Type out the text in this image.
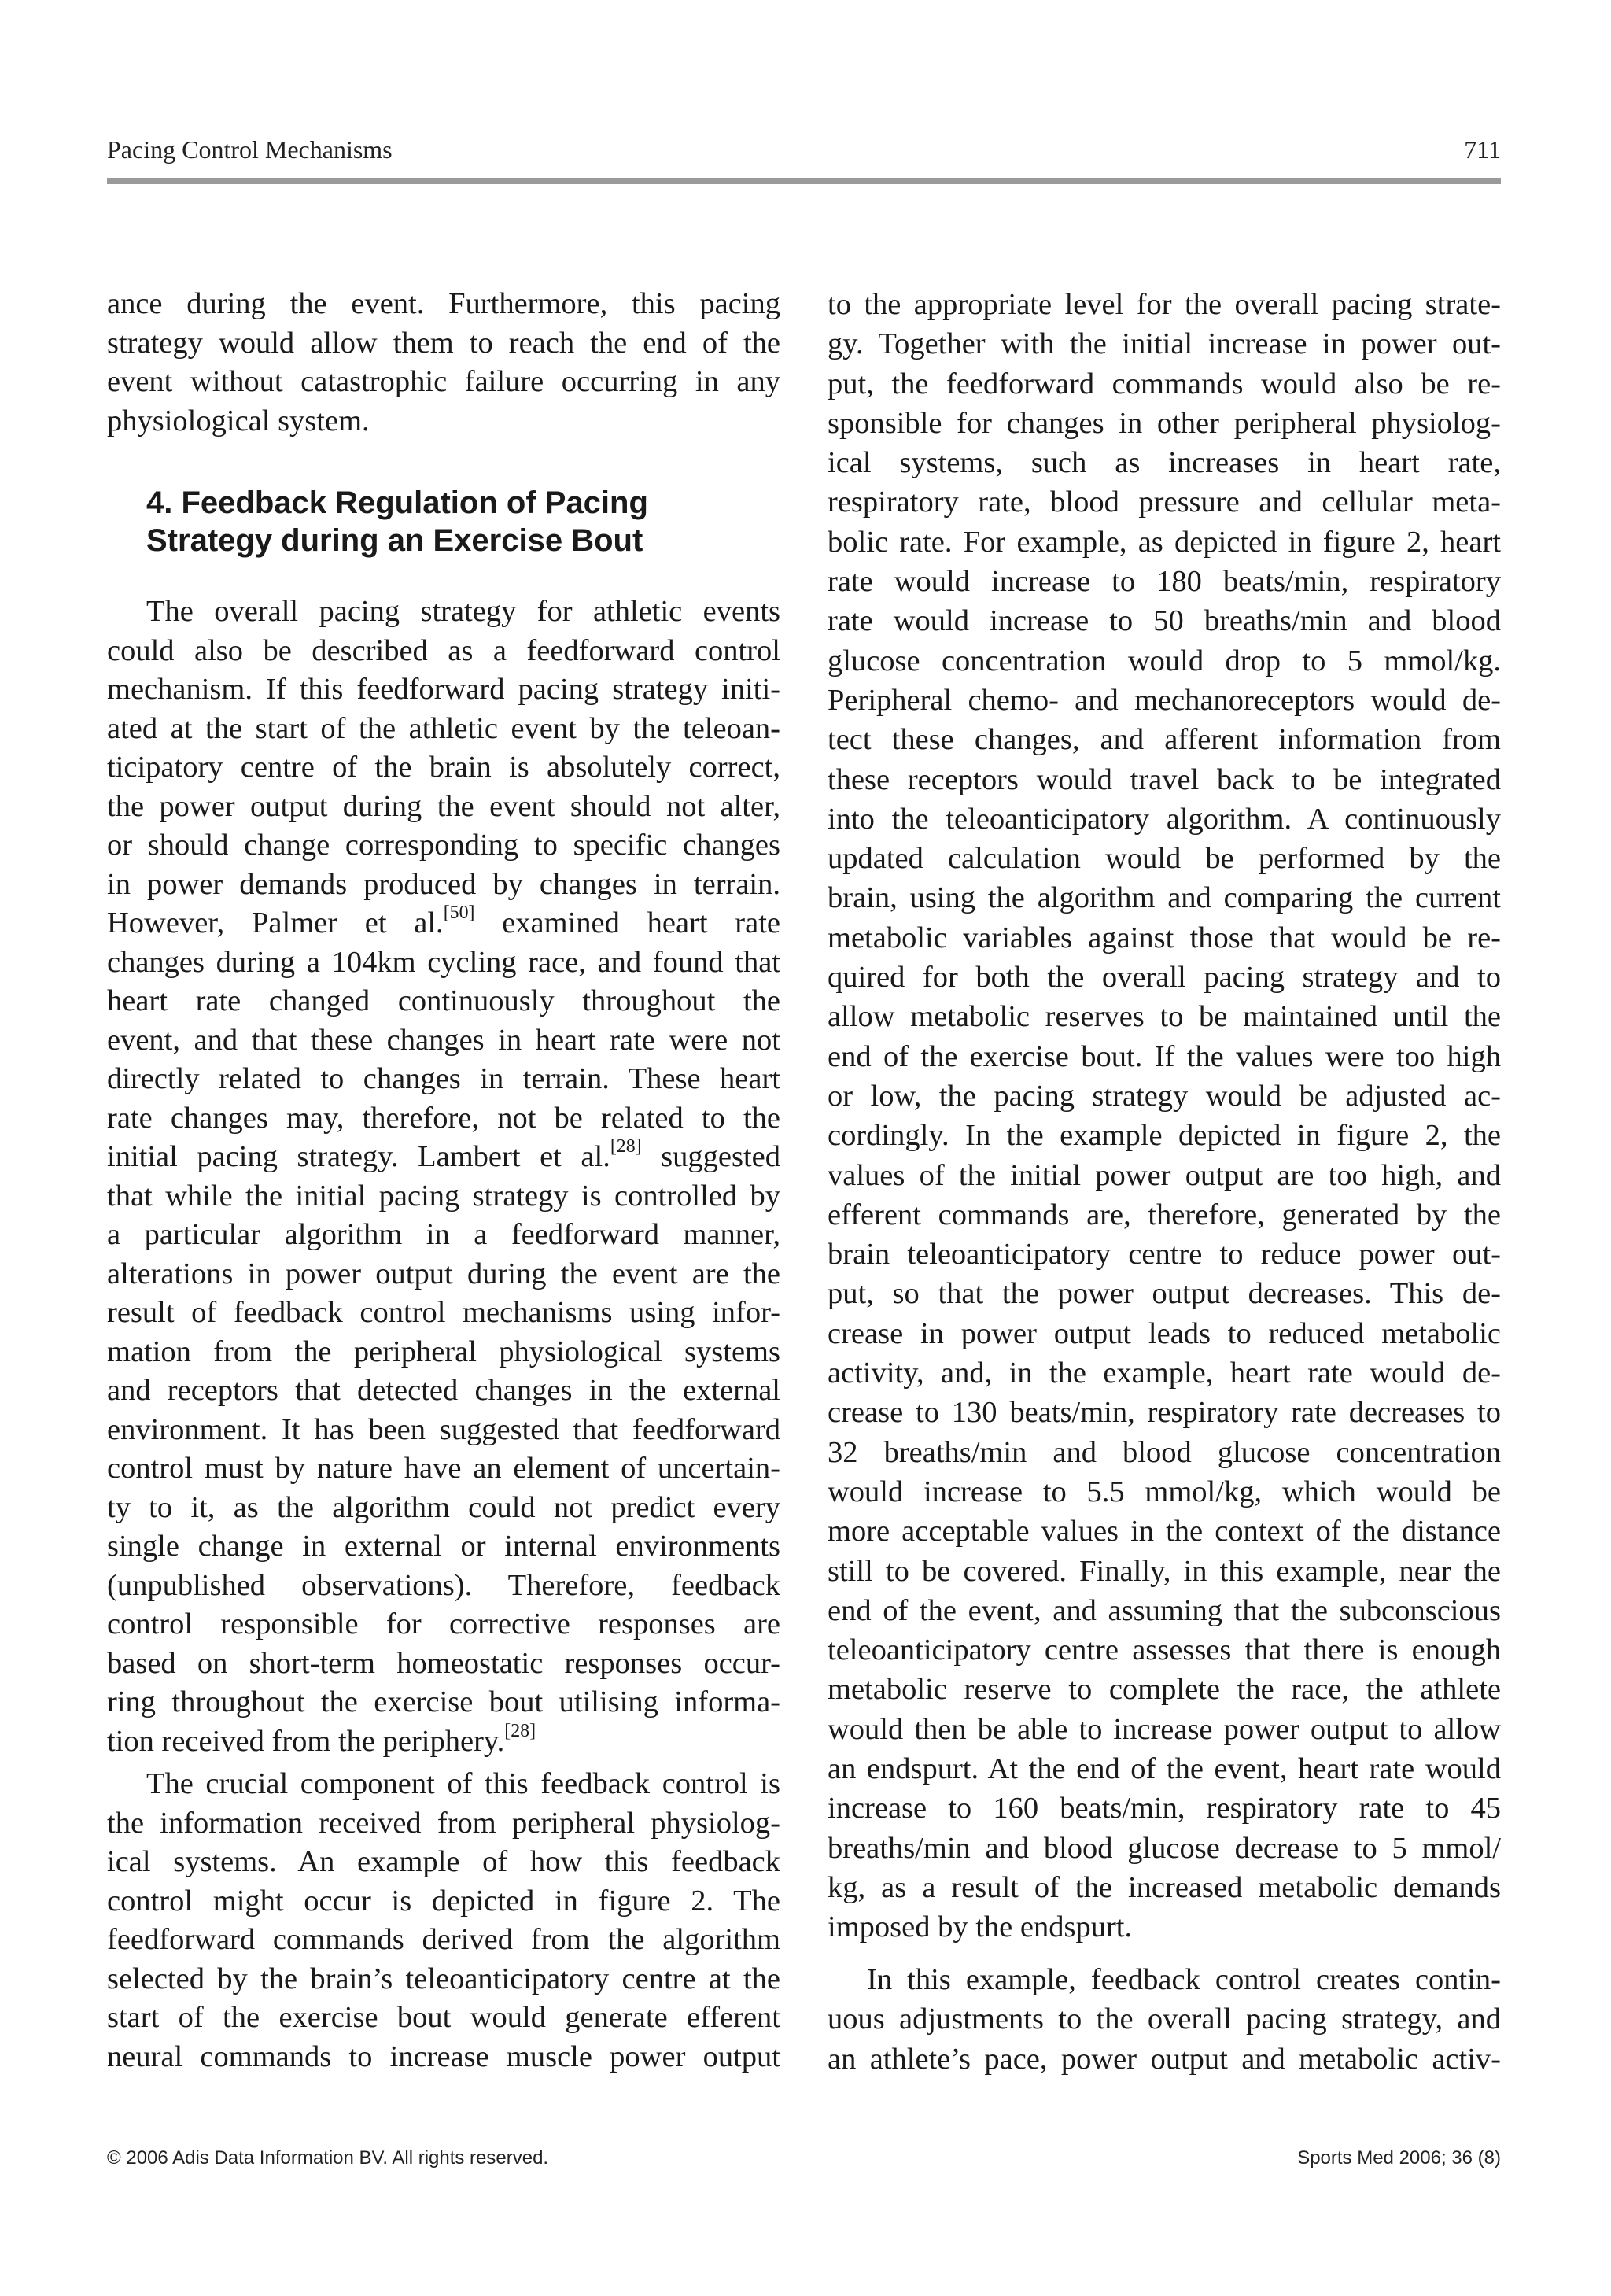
Pacing Control Mechanisms	711
ance during the event. Furthermore, this pacing
strategy would allow them to reach the end of the
event without catastrophic failure occurring in any
physiological system.
4. Feedback Regulation of Pacing
Strategy during an Exercise Bout
The overall pacing strategy for athletic events
could also be described as a feedforward control
mechanism. If this feedforward pacing strategy initi-
ated at the start of the athletic event by the teleoan-
ticipatory centre of the brain is absolutely correct,
the power output during the event should not alter,
or should change corresponding to specific changes
in power demands produced by changes in terrain.
However, Palmer et al.[50] examined heart rate
changes during a 104km cycling race, and found that
heart rate changed continuously throughout the
event, and that these changes in heart rate were not
directly related to changes in terrain. These heart
rate changes may, therefore, not be related to the
initial pacing strategy. Lambert et al.[28] suggested
that while the initial pacing strategy is controlled by
a particular algorithm in a feedforward manner,
alterations in power output during the event are the
result of feedback control mechanisms using infor-
mation from the peripheral physiological systems
and receptors that detected changes in the external
environment. It has been suggested that feedforward
control must by nature have an element of uncertain-
ty to it, as the algorithm could not predict every
single change in external or internal environments
(unpublished observations). Therefore, feedback
control responsible for corrective responses are
based on short-term homeostatic responses occur-
ring throughout the exercise bout utilising informa-
tion received from the periphery.[28]
The crucial component of this feedback control is
the information received from peripheral physiolog-
ical systems. An example of how this feedback
control might occur is depicted in figure 2. The
feedforward commands derived from the algorithm
selected by the brain’s teleoanticipatory centre at the
start of the exercise bout would generate efferent
neural commands to increase muscle power output
to the appropriate level for the overall pacing strate-
gy. Together with the initial increase in power out-
put, the feedforward commands would also be re-
sponsible for changes in other peripheral physiolog-
ical systems, such as increases in heart rate,
respiratory rate, blood pressure and cellular meta-
bolic rate. For example, as depicted in figure 2, heart
rate would increase to 180 beats/min, respiratory
rate would increase to 50 breaths/min and blood
glucose concentration would drop to 5 mmol/kg.
Peripheral chemo- and mechanoreceptors would de-
tect these changes, and afferent information from
these receptors would travel back to be integrated
into the teleoanticipatory algorithm. A continuously
updated calculation would be performed by the
brain, using the algorithm and comparing the current
metabolic variables against those that would be re-
quired for both the overall pacing strategy and to
allow metabolic reserves to be maintained until the
end of the exercise bout. If the values were too high
or low, the pacing strategy would be adjusted ac-
cordingly. In the example depicted in figure 2, the
values of the initial power output are too high, and
efferent commands are, therefore, generated by the
brain teleoanticipatory centre to reduce power out-
put, so that the power output decreases. This de-
crease in power output leads to reduced metabolic
activity, and, in the example, heart rate would de-
crease to 130 beats/min, respiratory rate decreases to
32 breaths/min and blood glucose concentration
would increase to 5.5 mmol/kg, which would be
more acceptable values in the context of the distance
still to be covered. Finally, in this example, near the
end of the event, and assuming that the subconscious
teleoanticipatory centre assesses that there is enough
metabolic reserve to complete the race, the athlete
would then be able to increase power output to allow
an endspurt. At the end of the event, heart rate would
increase to 160 beats/min, respiratory rate to 45
breaths/min and blood glucose decrease to 5 mmol/
kg, as a result of the increased metabolic demands
imposed by the endspurt.
In this example, feedback control creates contin-
uous adjustments to the overall pacing strategy, and
an athlete’s pace, power output and metabolic activ-
© 2006 Adis Data Information BV. All rights reserved.	Sports Med 2006; 36 (8)
